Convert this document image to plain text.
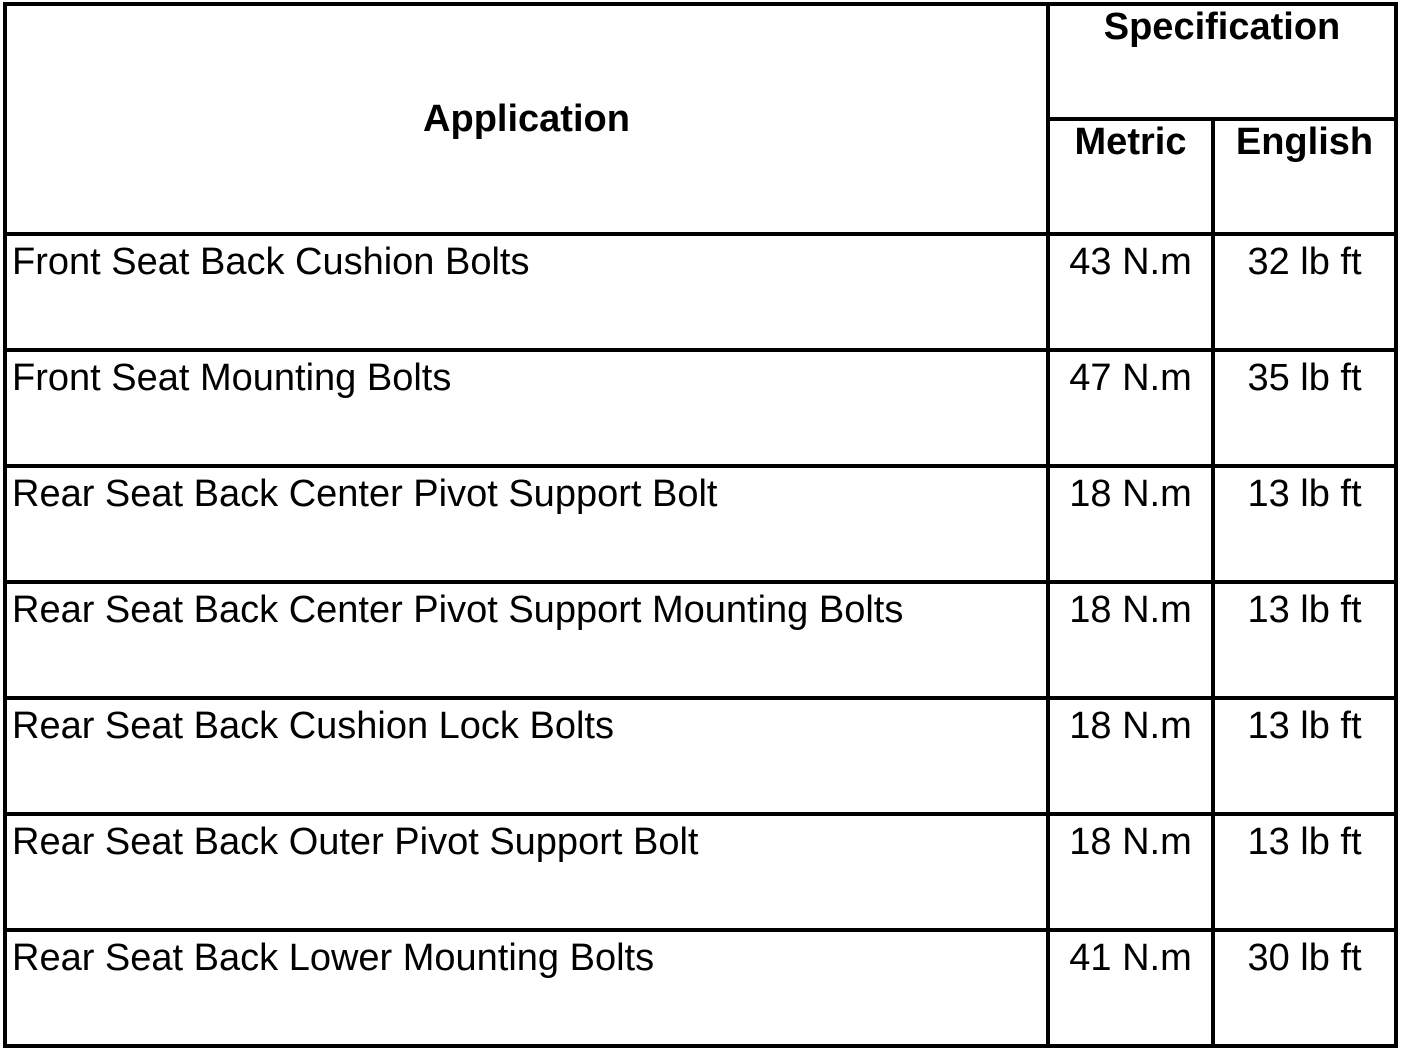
Application	Specification	
	Metric	English
Front Seat Back Cushion Bolts	43 N.m	32 lb ft
Front Seat Mounting Bolts	47 N.m	35 lb ft
Rear Seat Back Center Pivot Support Bolt	18 N.m	13 lb ft
Rear Seat Back Center Pivot Support Mounting Bolts	18 N.m	13 lb ft
Rear Seat Back Cushion Lock Bolts	18 N.m	13 lb ft
Rear Seat Back Outer Pivot Support Bolt	18 N.m	13 lb ft
Rear Seat Back Lower Mounting Bolts	41 N.m	30 lb ft
